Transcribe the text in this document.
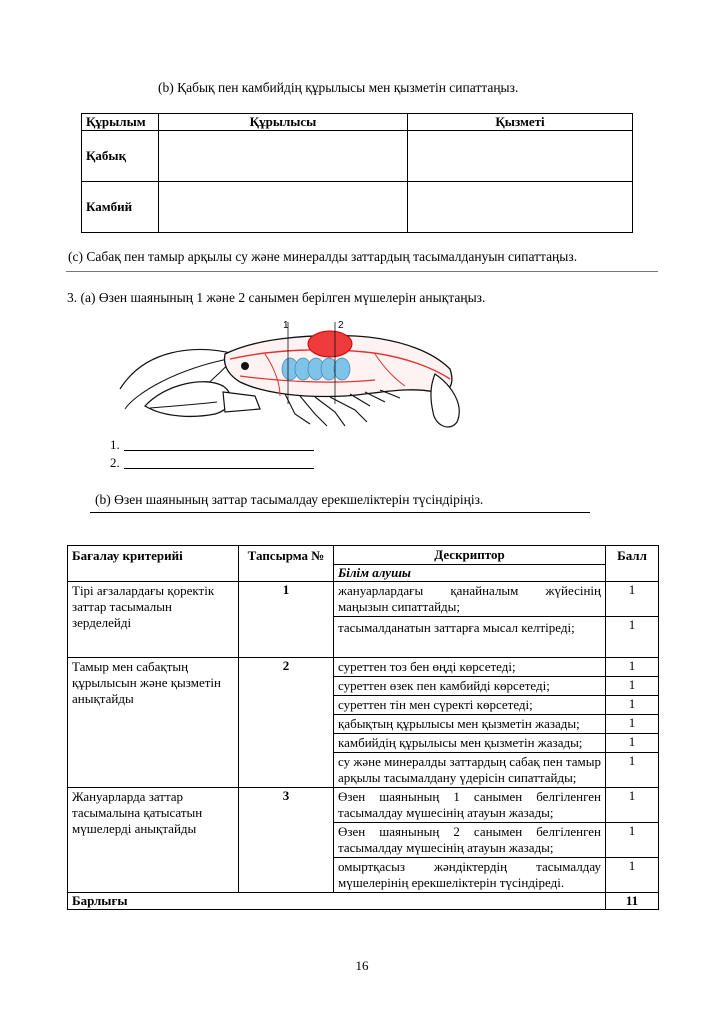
(b) Қабық пен камбийдің құрылысы мен қызметін сипаттаңыз.
Құрылым	Құрылысы	Қызметі
Қабық		
Камбий		
(c) Сабақ пен тамыр арқылы су және минералды заттардың тасымалдануын сипаттаңыз.
3. (a) Өзен шаянының 1 және 2 санымен берілген мүшелерін анықтаңыз.
1	2
1.
2.
(b) Өзен шаянының заттар тасымалдау ерекшеліктерін түсіндіріңіз.
Бағалау критерийі	Тапсырма №	Дескриптор	Балл
		Білім алушы	
Тірі ағзалардағы қоректік заттар тасымалын зерделейді	1	жануарлардағы қанайналым жүйесінің маңызын сипаттайды;	1
		тасымалданатын заттарға мысал келтіреді;	1
Тамыр мен сабақтың құрылысын және қызметін анықтайды	2	суреттен тоз бен өңді көрсетеді;	1
		суреттен өзек пен камбийді көрсетеді;	1
		суреттен тін мен сүректі көрсетеді;	1
		қабықтың құрылысы мен қызметін жазады;	1
		камбийдің құрылысы мен қызметін жазады;	1
		су және минералды заттардың сабақ пен тамыр арқылы тасымалдану үдерісін сипаттайды;	1
Жануарларда заттар тасымалына қатысатын мүшелерді анықтайды	3	Өзен шаянының 1 санымен белгіленген тасымалдау мүшесінің атауын жазады;	1
		Өзен шаянының 2 санымен белгіленген тасымалдау мүшесінің атауын жазады;	1
		омыртқасыз жәндіктердің тасымалдау мүшелерінің ерекшеліктерін түсіндіреді.	1
Барлығы			11
16
